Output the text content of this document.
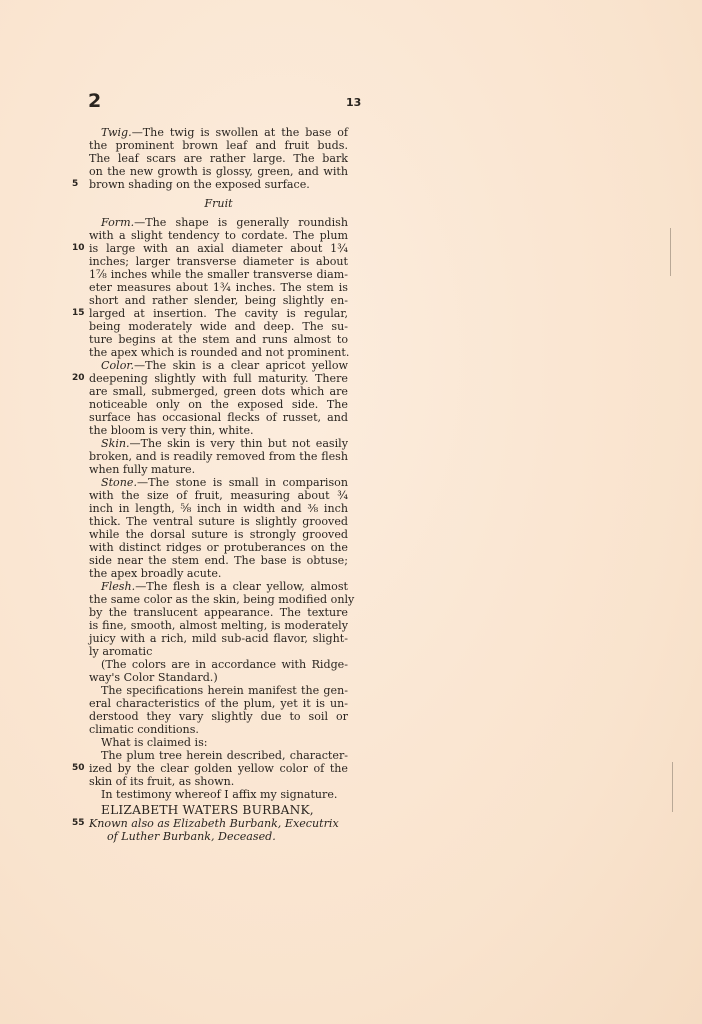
2	13
Twig.—The twig is swollen at the base of
the prominent brown leaf and fruit buds.
The leaf scars are rather large. The bark
on the new growth is glossy, green, and with
5 brown shading on the exposed surface.
Fruit
Form.—The shape is generally roundish
with a slight tendency to cordate. The plum
10 is large with an axial diameter about 1¾
inches; larger transverse diameter is about
1⅞ inches while the smaller transverse diam-
eter measures about 1¾ inches. The stem is
short and rather slender, being slightly en-
15 larged at insertion. The cavity is regular,
being moderately wide and deep. The su-
ture begins at the stem and runs almost to
the apex which is rounded and not prominent.
Color.—The skin is a clear apricot yellow
20 deepening slightly with full maturity. There
are small, submerged, green dots which are
noticeable only on the exposed side. The
surface has occasional flecks of russet, and
the bloom is very thin, white.
Skin.—The skin is very thin but not easily
broken, and is readily removed from the flesh
when fully mature.
Stone.—The stone is small in comparison
with the size of fruit, measuring about ¾
inch in length, ⅝ inch in width and ⅜ inch
thick. The ventral suture is slightly grooved
while the dorsal suture is strongly grooved
with distinct ridges or protuberances on the
side near the stem end. The base is obtuse;
the apex broadly acute.
Flesh.—The flesh is a clear yellow, almost
the same color as the skin, being modified only
by the translucent appearance. The texture
is fine, smooth, almost melting, is moderately
juicy with a rich, mild sub-acid flavor, slight-
ly aromatic
(The colors are in accordance with Ridge-
way's Color Standard.)
The specifications herein manifest the gen-
eral characteristics of the plum, yet it is un-
derstood they vary slightly due to soil or
climatic conditions.
What is claimed is:
The plum tree herein described, character-
50 ized by the clear golden yellow color of the
skin of its fruit, as shown.
In testimony whereof I affix my signature.
ELIZABETH WATERS BURBANK,
55 Known also as Elizabeth Burbank, Executrix
of Luther Burbank, Deceased.
